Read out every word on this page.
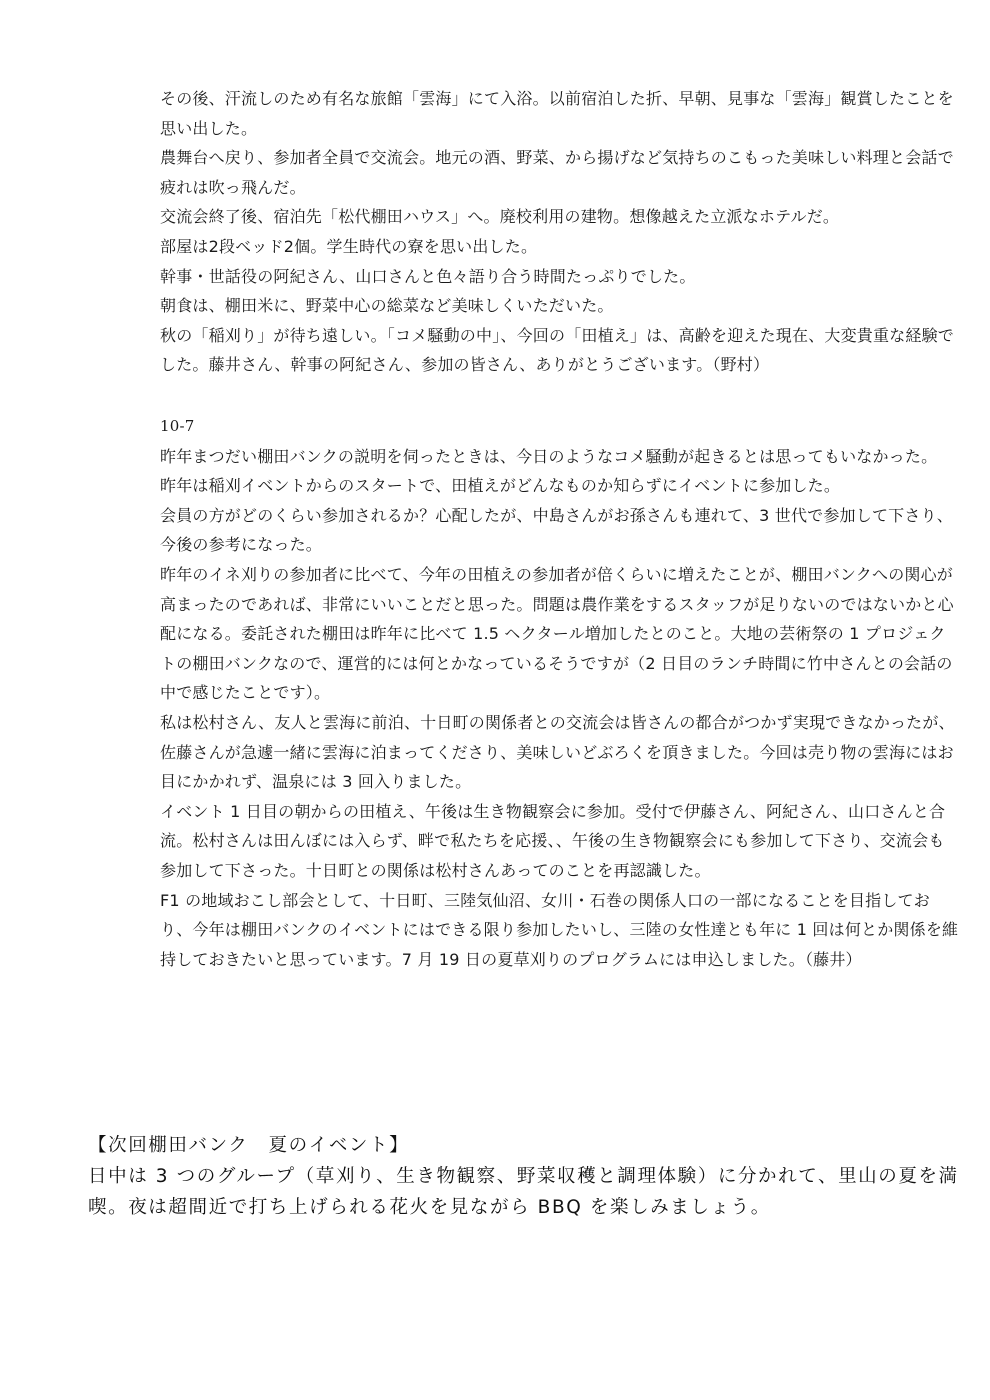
その後、汗流しのため有名な旅館「雲海」にて入浴。以前宿泊した折、早朝、見事な「雲海」観賞したことを思い出した。

農舞台へ戻り、参加者全員で交流会。地元の酒、野菜、から揚げなど気持ちのこもった美味しい料理と会話で疲れは吹っ飛んだ。

交流会終了後、宿泊先「松代棚田ハウス」へ。廃校利用の建物。想像越えた立派なホテルだ。

部屋は2段ベッド2個。学生時代の寮を思い出した。

幹事・世話役の阿紀さん、山口さんと色々語り合う時間たっぷりでした。

朝食は、棚田米に、野菜中心の総菜など美味しくいただいた。

秋の「稲刈り」が待ち遠しい。「コメ騒動の中」、今回の「田植え」は、高齢を迎えた現在、大変貴重な経験でした。藤井さん、幹事の阿紀さん、参加の皆さん、ありがとうございます。（野村）

10-7

昨年まつだい棚田バンクの説明を伺ったときは、今日のようなコメ騒動が起きるとは思ってもいなかった。

昨年は稲刈イベントからのスタートで、田植えがどんなものか知らずにイベントに参加した。

会員の方がどのくらい参加されるか？心配したが、中島さんがお孫さんも連れて、3 世代で参加して下さり、今後の参考になった。

昨年のイネ刈りの参加者に比べて、今年の田植えの参加者が倍くらいに増えたことが、棚田バンクへの関心が高まったのであれば、非常にいいことだと思った。問題は農作業をするスタッフが足りないのではないかと心配になる。委託された棚田は昨年に比べて 1.5 ヘクタール増加したとのこと。大地の芸術祭の 1 プロジェクトの棚田バンクなので、運営的には何とかなっているそうですが（2 日目のランチ時間に竹中さんとの会話の中で感じたことです）。

私は松村さん、友人と雲海に前泊、十日町の関係者との交流会は皆さんの都合がつかず実現できなかったが、佐藤さんが急遽一緒に雲海に泊まってくださり、美味しいどぶろくを頂きました。今回は売り物の雲海にはお目にかかれず、温泉には 3 回入りました。

イベント 1 日目の朝からの田植え、午後は生き物観察会に参加。受付で伊藤さん、阿紀さん、山口さんと合流。松村さんは田んぼには入らず、畔で私たちを応援、、午後の生き物観察会にも参加して下さり、交流会も参加して下さった。十日町との関係は松村さんあってのことを再認識した。

F1 の地域おこし部会として、十日町、三陸気仙沼、女川・石巻の関係人口の一部になることを目指しており、今年は棚田バンクのイベントにはできる限り参加したいし、三陸の女性達とも年に 1 回は何とか関係を維持しておきたいと思っています。7 月 19 日の夏草刈りのプログラムには申込しました。（藤井）

【次回棚田バンク　夏のイベント】

日中は 3 つのグループ（草刈り、生き物観察、野菜収穫と調理体験）に分かれて、里山の夏を満喫。夜は超間近で打ち上げられる花火を見ながら BBQ を楽しみましょう。
